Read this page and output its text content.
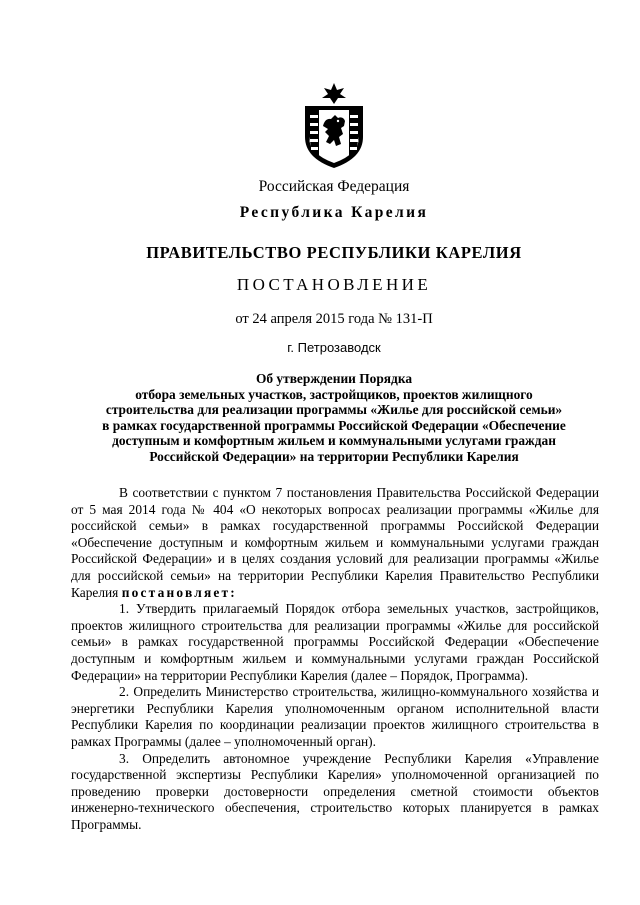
Российская Федерация
Республика Карелия
ПРАВИТЕЛЬСТВО РЕСПУБЛИКИ КАРЕЛИЯ
ПОСТАНОВЛЕНИЕ
от 24 апреля 2015 года № 131-П
г. Петрозаводск
Об утверждении Порядка
отбора земельных участков, застройщиков, проектов жилищного
строительства для реализации программы «Жилье для российской семьи»
в рамках государственной программы Российской Федерации «Обеспечение
доступным и комфортным жильем и коммунальными услугами граждан
Российской Федерации» на территории Республики Карелия

В соответствии с пунктом 7 постановления Правительства Российской Федерации от 5 мая 2014 года № 404 «О некоторых вопросах реализации программы «Жилье для российской семьи» в рамках государственной программы Российской Федерации «Обеспечение доступным и комфортным жильем и коммунальными услугами граждан Российской Федерации» и в целях создания условий для реализации программы «Жилье для российской семьи» на территории Республики Карелия Правительство Республики Карелия постановляет:

1. Утвердить прилагаемый Порядок отбора земельных участков, застройщиков, проектов жилищного строительства для реализации программы «Жилье для российской семьи» в рамках государственной программы Российской Федерации «Обеспечение доступным и комфортным жильем и коммунальными услугами граждан Российской Федерации» на территории Республики Карелия (далее – Порядок, Программа).

2. Определить Министерство строительства, жилищно-коммунального хозяйства и энергетики Республики Карелия уполномоченным органом исполнительной власти Республики Карелия по координации реализации проектов жилищного строительства в рамках Программы (далее – уполномоченный орган).

3. Определить автономное учреждение Республики Карелия «Управление государственной экспертизы Республики Карелия» уполномоченной организацией по проведению проверки достоверности определения сметной стоимости объектов инженерно-технического обеспечения, строительство которых планируется в рамках Программы.
